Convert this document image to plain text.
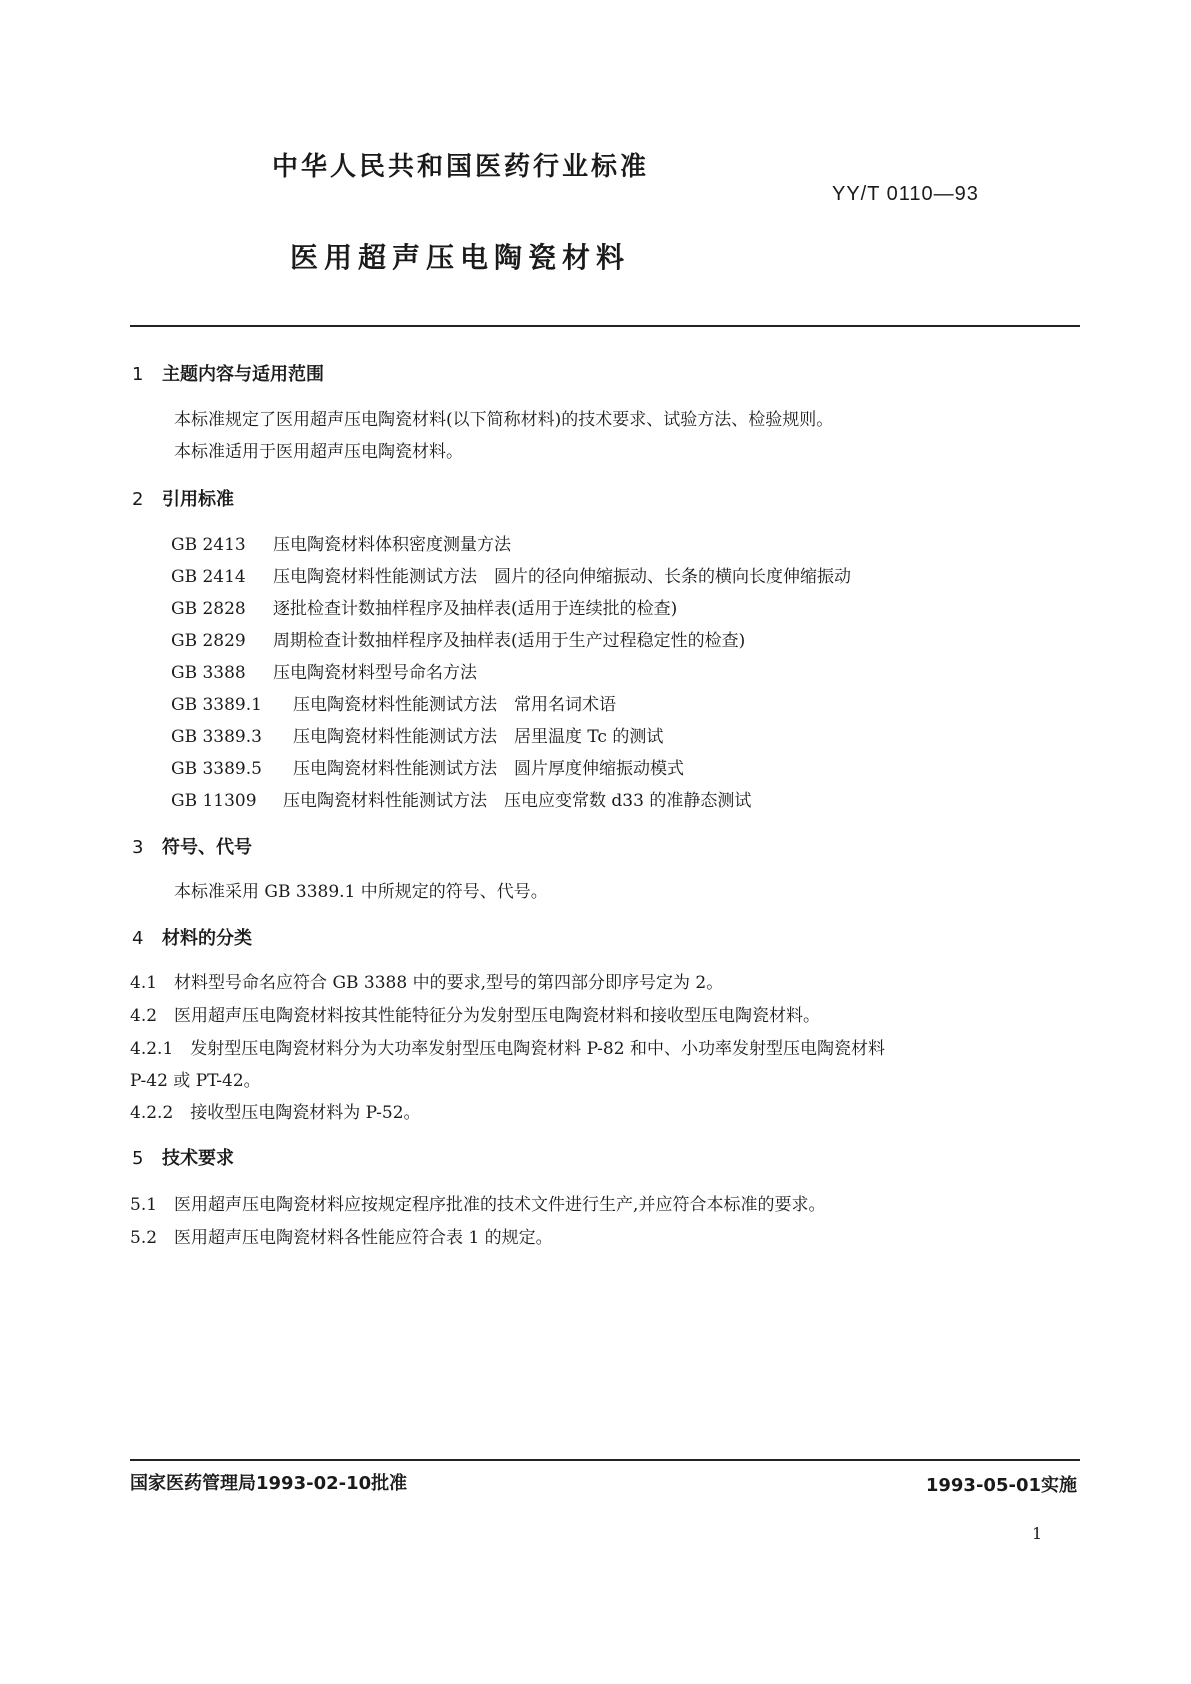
中华人民共和国医药行业标准
YY/T 0110—93
医用超声压电陶瓷材料
1 主题内容与适用范围
本标准规定了医用超声压电陶瓷材料(以下简称材料)的技术要求、试验方法、检验规则。
本标准适用于医用超声压电陶瓷材料。
2 引用标准
GB 2413 压电陶瓷材料体积密度测量方法
GB 2414 压电陶瓷材料性能测试方法　圆片的径向伸缩振动、长条的横向长度伸缩振动
GB 2828 逐批检查计数抽样程序及抽样表(适用于连续批的检查)
GB 2829 周期检查计数抽样程序及抽样表(适用于生产过程稳定性的检查)
GB 3388 压电陶瓷材料型号命名方法
GB 3389.1 压电陶瓷材料性能测试方法　常用名词术语
GB 3389.3 压电陶瓷材料性能测试方法　居里温度 Tc 的测试
GB 3389.5 压电陶瓷材料性能测试方法　圆片厚度伸缩振动模式
GB 11309 压电陶瓷材料性能测试方法　压电应变常数 d33 的准静态测试
3 符号、代号
本标准采用 GB 3389.1 中所规定的符号、代号。
4 材料的分类
4.1　材料型号命名应符合 GB 3388 中的要求,型号的第四部分即序号定为 2。
4.2　医用超声压电陶瓷材料按其性能特征分为发射型压电陶瓷材料和接收型压电陶瓷材料。
4.2.1　发射型压电陶瓷材料分为大功率发射型压电陶瓷材料 P-82 和中、小功率发射型压电陶瓷材料
P-42 或 PT-42。
4.2.2　接收型压电陶瓷材料为 P-52。
5 技术要求
5.1　医用超声压电陶瓷材料应按规定程序批准的技术文件进行生产,并应符合本标准的要求。
5.2　医用超声压电陶瓷材料各性能应符合表 1 的规定。
国家医药管理局1993-02-10批准	1993-05-01实施
1
